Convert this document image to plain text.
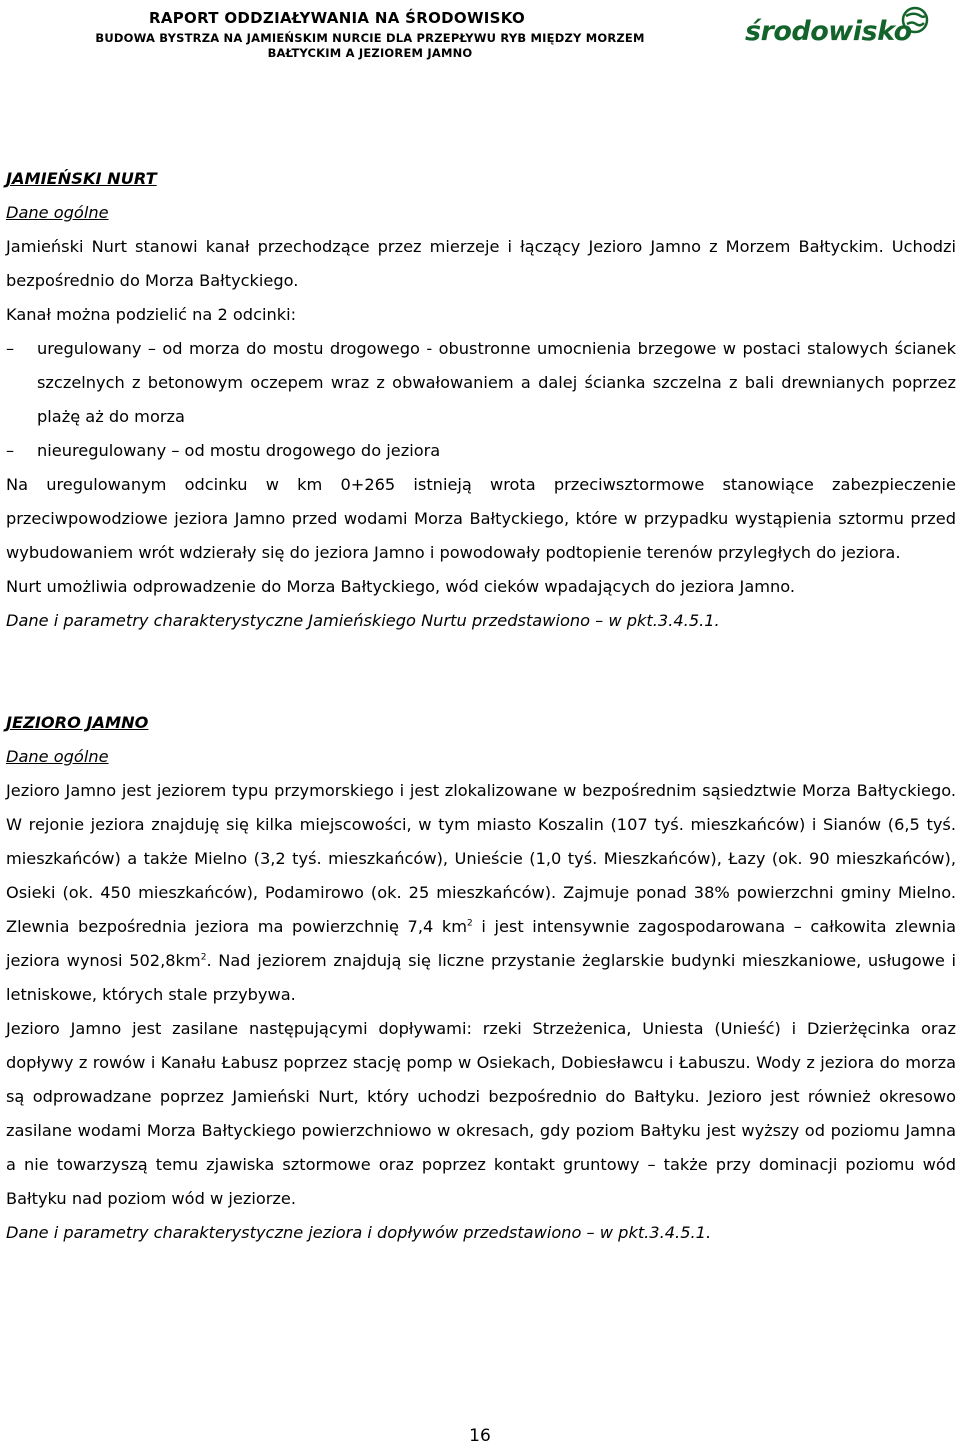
RAPORT ODDZIAŁYWANIA NA ŚRODOWISKO
BUDOWA BYSTRZA NA JAMIEŃSKIM NURCIE DLA PRZEPŁYWU RYB MIĘDZY MORZEM
BAŁTYCKIM A JEZIOREM JAMNO
środowisko

JAMIEŃSKI NURT

Dane ogólne

Jamieński Nurt stanowi kanał przechodzące przez mierzeje i łączący Jezioro Jamno z Morzem Bałtyckim. Uchodzi bezpośrednio do Morza Bałtyckiego.

Kanał można podzielić na 2 odcinki:

– uregulowany – od morza do mostu drogowego - obustronne umocnienia brzegowe w postaci stalowych ścianek szczelnych z betonowym oczepem wraz z obwałowaniem a dalej ścianka szczelna z bali drewnianych poprzez plażę aż do morza

– nieuregulowany – od mostu drogowego do jeziora

Na uregulowanym odcinku w km 0+265 istnieją wrota przeciwsztormowe stanowiące zabezpieczenie przeciwpowodziowe jeziora Jamno przed wodami Morza Bałtyckiego, które w przypadku wystąpienia sztormu przed wybudowaniem wrót wdzierały się do jeziora Jamno i powodowały podtopienie terenów przyległych do jeziora.

Nurt umożliwia odprowadzenie do Morza Bałtyckiego, wód cieków wpadających do jeziora Jamno.

Dane i parametry charakterystyczne Jamieńskiego Nurtu przedstawiono – w pkt.3.4.5.1.

JEZIORO JAMNO

Dane ogólne

Jezioro Jamno jest jeziorem typu przymorskiego i jest zlokalizowane w bezpośrednim sąsiedztwie Morza Bałtyckiego. W rejonie jeziora znajduję się kilka miejscowości, w tym miasto Koszalin (107 tyś. mieszkańców) i Sianów (6,5 tyś. mieszkańców) a także Mielno (3,2 tyś. mieszkańców), Unieście (1,0 tyś. Mieszkańców), Łazy (ok. 90 mieszkańców), Osieki (ok. 450 mieszkańców), Podamirowo (ok. 25 mieszkańców). Zajmuje ponad 38% powierzchni gminy Mielno. Zlewnia bezpośrednia jeziora ma powierzchnię 7,4 $km^2$ i jest intensywnie zagospodarowana – całkowita zlewnia jeziora wynosi $502,8km^2$. Nad jeziorem znajdują się liczne przystanie żeglarskie budynki mieszkaniowe, usługowe i letniskowe, których stale przybywa.

Jezioro Jamno jest zasilane następującymi dopływami: rzeki Strzeżenica, Uniesta (Unieść) i Dzierżęcinka oraz dopływy z rowów i Kanału Łabusz poprzez stację pomp w Osiekach, Dobiesławcu i Łabuszu. Wody z jeziora do morza są odprowadzane poprzez Jamieński Nurt, który uchodzi bezpośrednio do Bałtyku. Jezioro jest również okresowo zasilane wodami Morza Bałtyckiego powierzchniowo w okresach, gdy poziom Bałtyku jest wyższy od poziomu Jamna a nie towarzyszą temu zjawiska sztormowe oraz poprzez kontakt gruntowy – także przy dominacji poziomu wód Bałtyku nad poziom wód w jeziorze.

Dane i parametry charakterystyczne jeziora i dopływów przedstawiono – w pkt.3.4.5.1.

16
